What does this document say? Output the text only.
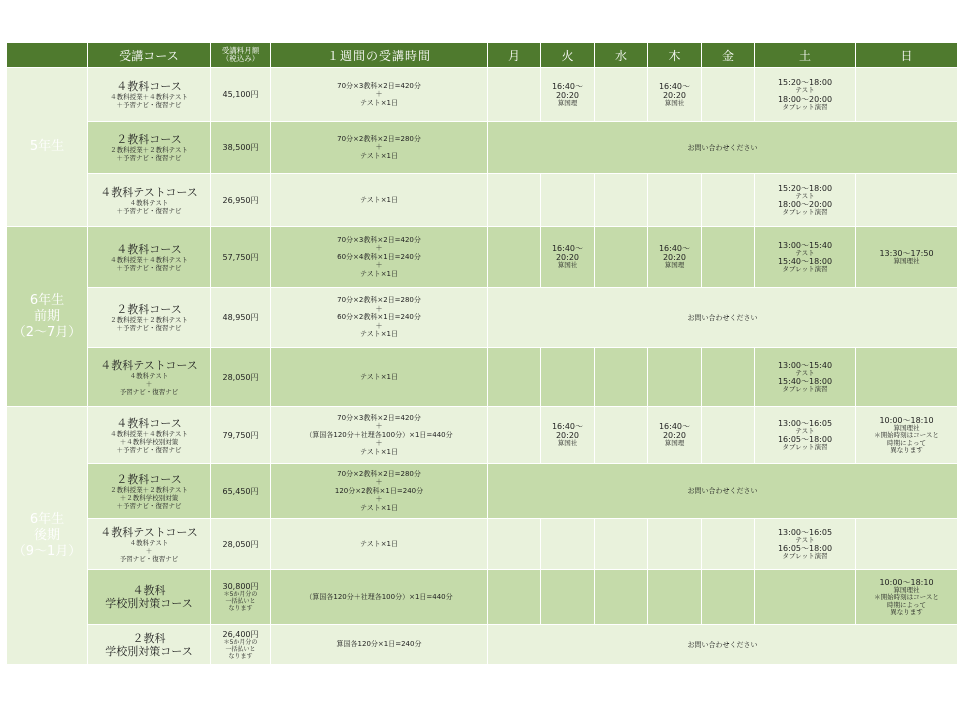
	受講コース	受講料月額
（税込み）	１週間の受講時間	月	火	水	木	金	土	日
5年生	４教科コース
４教科授業＋４教科テスト
＋予習ナビ・復習ナビ	45,100円	70分×3教科×2日=420分
＋
テスト×1日		16:40～
20:20
算国理		16:40～
20:20
算国社		15:20～18:00
テスト
18:00～20:00
タブレット演習	

	２教科コース
２教科授業＋２教科テスト
＋予習ナビ・復習ナビ	38,500円	70分×2教科×2日=280分
＋
テスト×1日	お問い合わせください						

	４教科テストコース
４教科テスト
＋予習ナビ・復習ナビ	26,950円	テスト×1日						15:20～18:00
テスト
18:00～20:00
タブレット演習	

6年生
前期
（2～7月）	４教科コース
４教科授業＋４教科テスト
＋予習ナビ・復習ナビ	57,750円	70分×3教科×2日=420分
＋
60分×4教科×1日=240分
＋
テスト×1日		16:40～
20:20
算国社		16:40～
20:20
算国理		13:00～15:40
テスト
15:40～18:00
タブレット演習	13:30～17:50
算国理社

	２教科コース
２教科授業＋２教科テスト
＋予習ナビ・復習ナビ	48,950円	70分×2教科×2日=280分
＋
60分×2教科×1日=240分
＋
テスト×1日	お問い合わせください						

	４教科テストコース
４教科テスト
＋
予習ナビ・復習ナビ	28,050円	テスト×1日						13:00～15:40
テスト
15:40～18:00
タブレット演習	

6年生
後期
（9～1月）	４教科コース
４教科授業＋４教科テスト
＋４教科学校別対策
＋予習ナビ・復習ナビ	79,750円	70分×3教科×2日=420分
＋
（算国各120分＋社理各100分）×1日=440分
＋
テスト×1日		16:40～
20:20
算国社		16:40～
20:20
算国理		13:00～16:05
テスト
16:05～18:00
タブレット演習	10:00～18:10
算国理社
＊開始時刻はコースと
時期によって
異なります

	２教科コース
２教科授業＋２教科テスト
＋２教科学校別対策
＋予習ナビ・復習ナビ	65,450円	70分×2教科×2日=280分
＋
120分×2教科×1日=240分
＋
テスト×1日	お問い合わせください						

	４教科テストコース
４教科テスト
＋
予習ナビ・復習ナビ	28,050円	テスト×1日						13:00～16:05
テスト
16:05～18:00
タブレット演習	

	４教科
学校別対策コース	30,800円
＊5か月分の
一括払いと
なります	（算国各120分＋社理各100分）×1日=440分							10:00～18:10
算国理社
＊開始時刻はコースと
時期によって
異なります

	２教科
学校別対策コース	26,400円
＊5か月分の
一括払いと
なります	算国各120分×1日=240分	お問い合わせください						
